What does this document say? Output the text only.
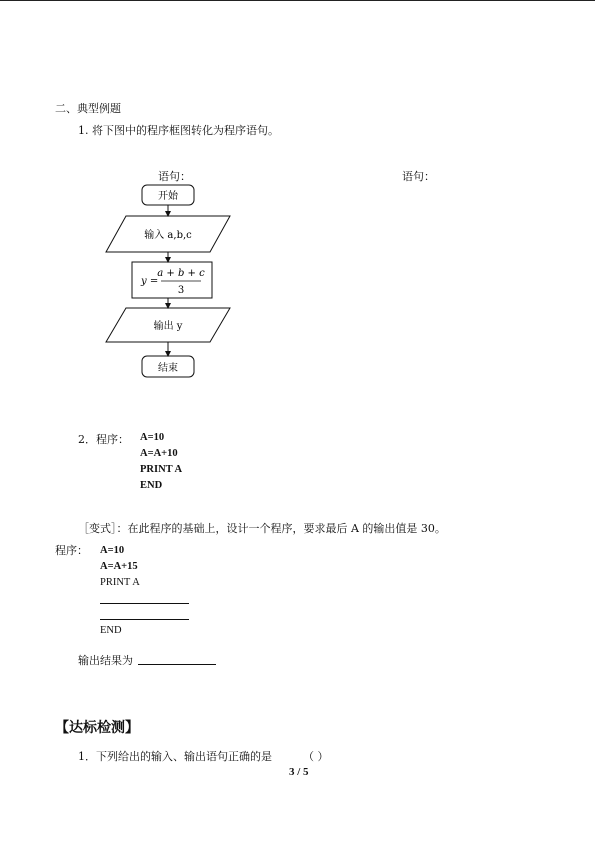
二、典型例题
1. 将下图中的程序框图转化为程序语句。
语句：	语句：
开始
输入 a,b,c
y =
a + b + c
3
输出 y
结束
2．程序： A=10
A=A+10
PRINT A
END
［变式］：在此程序的基础上，设计一个程序，要求最后 A 的输出值是 30。
程序： A=10
A=A+15
PRINT A
END
输出结果为
【达标检测】
1．下列给出的输入、输出语句正确的是	（ ）
3 / 5
